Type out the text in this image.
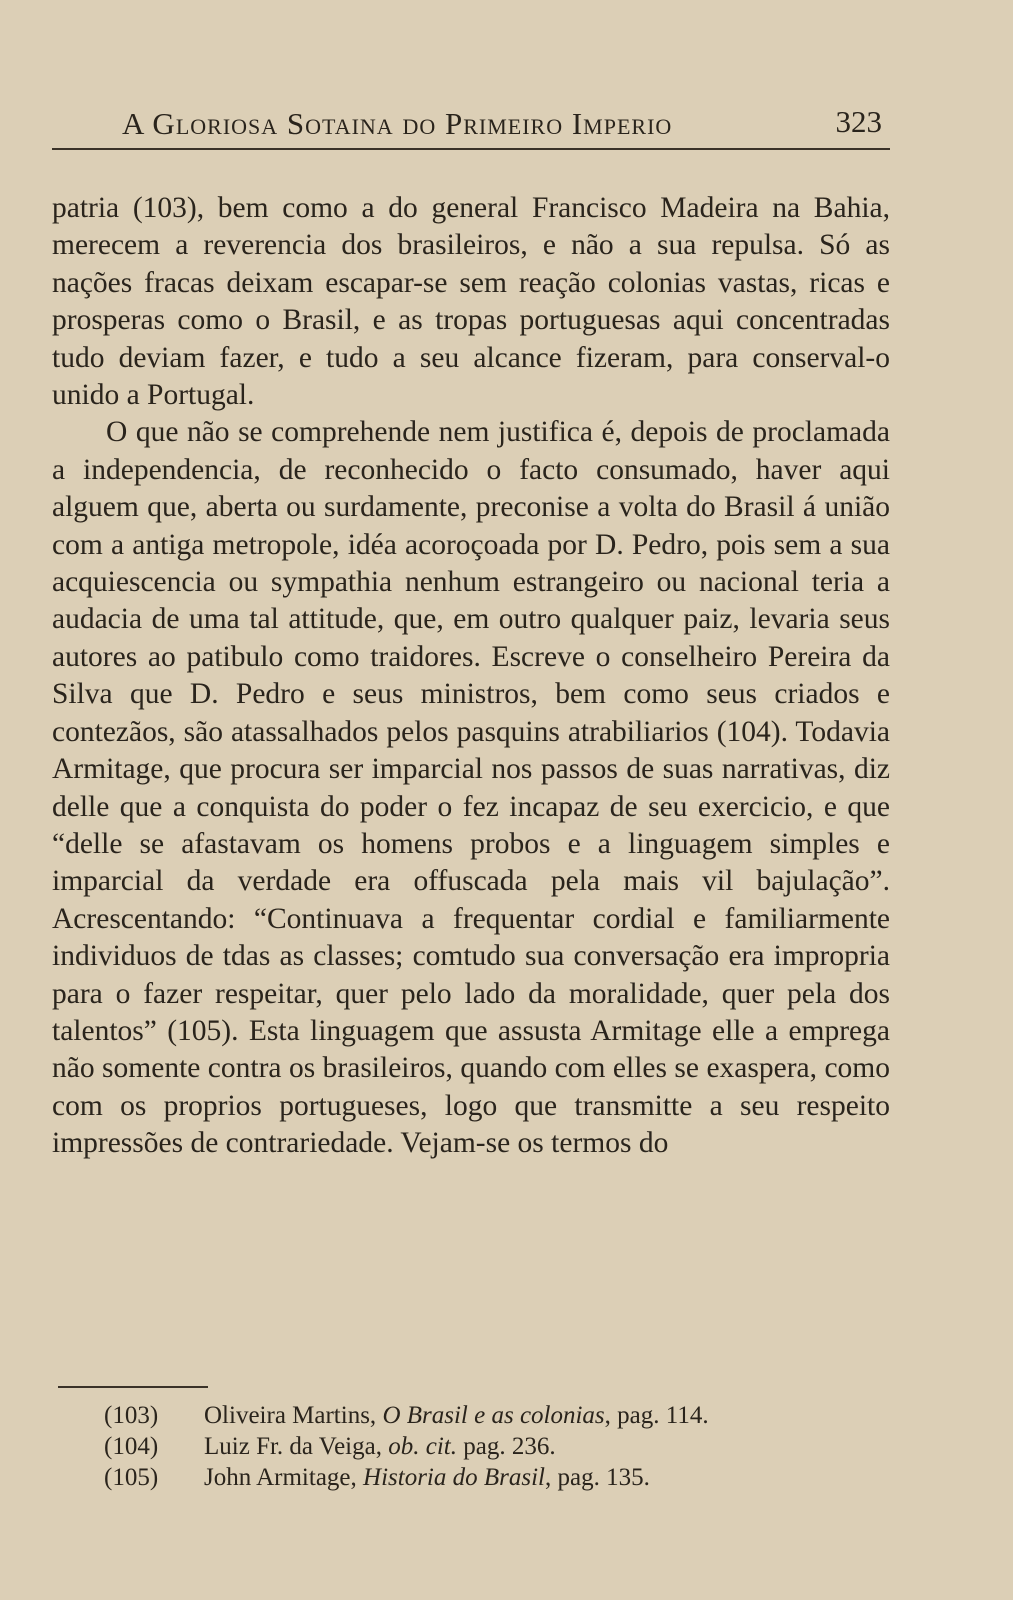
A Gloriosa Sotaina do Primeiro Imperio	323

patria (103), bem como a do general Francisco Madeira na Bahia, merecem a reverencia dos brasileiros, e não a sua repulsa. Só as nações fracas deixam escapar-se sem reação colonias vastas, ricas e prosperas como o Brasil, e as tropas portuguesas aqui concentradas tudo deviam fazer, e tudo a seu alcance fizeram, para conserval-o unido a Portugal.

O que não se comprehende nem justifica é, depois de proclamada a independencia, de reconhecido o facto consumado, haver aqui alguem que, aberta ou surdamente, preconise a volta do Brasil á união com a antiga metropole, idéa acoroçoada por D. Pedro, pois sem a sua acquiescencia ou sympathia nenhum estrangeiro ou nacional teria a audacia de uma tal attitude, que, em outro qualquer paiz, levaria seus autores ao patibulo como traidores. Escreve o conselheiro Pereira da Silva que D. Pedro e seus ministros, bem como seus criados e contezãos, são atassalhados pelos pasquins atrabiliarios (104). Todavia Armitage, que procura ser imparcial nos passos de suas narrativas, diz delle que a conquista do poder o fez incapaz de seu exercicio, e que “delle se afastavam os homens probos e a linguagem simples e imparcial da verdade era offuscada pela mais vil bajulação”. Acrescentando: “Continuava a frequentar cordial e familiarmente individuos de tdas as classes; comtudo sua conversação era impropria para o fazer respeitar, quer pelo lado da moralidade, quer pela dos talentos” (105). Esta linguagem que assusta Armitage elle a emprega não somente contra os brasileiros, quando com elles se exaspera, como com os proprios portugueses, logo que transmitte a seu respeito impressões de contrariedade. Vejam-se os termos do

(103) Oliveira Martins, O Brasil e as colonias, pag. 114.
(104) Luiz Fr. da Veiga, ob. cit. pag. 236.
(105) John Armitage, Historia do Brasil, pag. 135.
